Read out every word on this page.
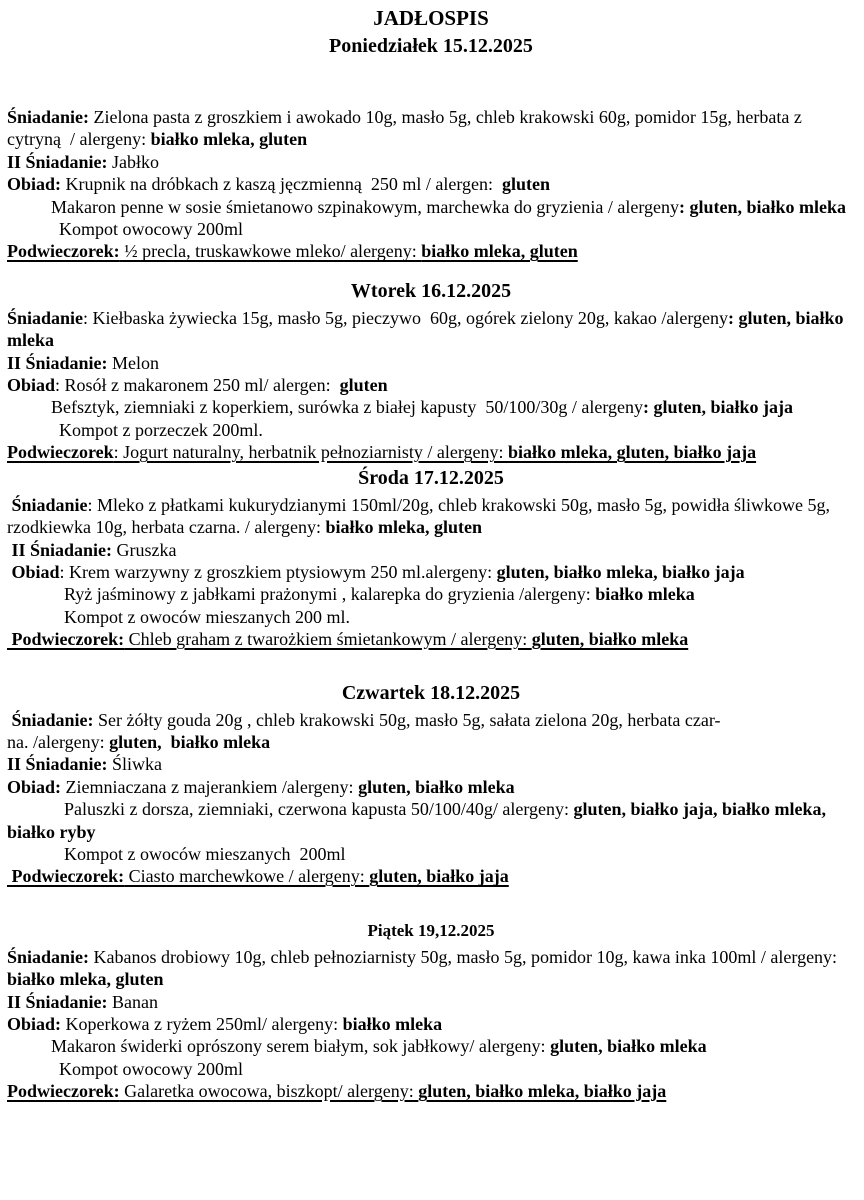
JADŁOSPIS
Poniedziałek 15.12.2025

Śniadanie: Zielona pasta z groszkiem i awokado 10g, masło 5g, chleb krakowski 60g, pomidor 15g, herbata z cytryną  / alergeny: białko mleka, gluten

II Śniadanie: Jabłko

Obiad: Krupnik na dróbkach z kaszą jęczmienną  250 ml / alergen:  gluten

Makaron penne w sosie śmietanowo szpinakowym, marchewka do gryzienia / alergeny: gluten, białko mleka

Kompot owocowy 200ml

Podwieczorek: ½ precla, truskawkowe mleko/ alergeny: białko mleka, gluten

Wtorek 16.12.2025

Śniadanie: Kiełbaska żywiecka 15g, masło 5g, pieczywo  60g, ogórek zielony 20g, kakao /alergeny: gluten, białko mleka

II Śniadanie: Melon

Obiad: Rosół z makaronem 250 ml/ alergen:  gluten

Befsztyk, ziemniaki z koperkiem, surówka z białej kapusty  50/100/30g / alergeny: gluten, białko jaja

Kompot z porzeczek 200ml.

Podwieczorek: Jogurt naturalny, herbatnik pełnoziarnisty / alergeny: białko mleka, gluten, białko jaja

Środa 17.12.2025

Śniadanie: Mleko z płatkami kukurydzianymi 150ml/20g, chleb krakowski 50g, masło 5g, powidła śliwkowe 5g, rzodkiewka 10g, herbata czarna. / alergeny: białko mleka, gluten

II Śniadanie: Gruszka

Obiad: Krem warzywny z groszkiem ptysiowym 250 ml.alergeny: gluten, białko mleka, białko jaja

Ryż jaśminowy z jabłkami prażonymi , kalarepka do gryzienia /alergeny: białko mleka

Kompot z owoców mieszanych 200 ml.

Podwieczorek: Chleb graham z twarożkiem śmietankowym / alergeny: gluten, białko mleka

Czwartek 18.12.2025

Śniadanie: Ser żółty gouda 20g , chleb krakowski 50g, masło 5g, sałata zielona 20g, herbata czar-
na. /alergeny: gluten,  białko mleka

II Śniadanie: Śliwka

Obiad: Ziemniaczana z majerankiem /alergeny: gluten, białko mleka

Paluszki z dorsza, ziemniaki, czerwona kapusta 50/100/40g/ alergeny: gluten, białko jaja, białko mleka, białko ryby

Kompot z owoców mieszanych  200ml

Podwieczorek: Ciasto marchewkowe / alergeny: gluten, białko jaja

Piątek 19,12.2025

Śniadanie: Kabanos drobiowy 10g, chleb pełnoziarnisty 50g, masło 5g, pomidor 10g, kawa inka 100ml / alergeny: białko mleka, gluten

II Śniadanie: Banan

Obiad: Koperkowa z ryżem 250ml/ alergeny: białko mleka

Makaron świderki oprószony serem białym, sok jabłkowy/ alergeny: gluten, białko mleka

Kompot owocowy 200ml

Podwieczorek: Galaretka owocowa, biszkopt/ alergeny: gluten, białko mleka, białko jaja
